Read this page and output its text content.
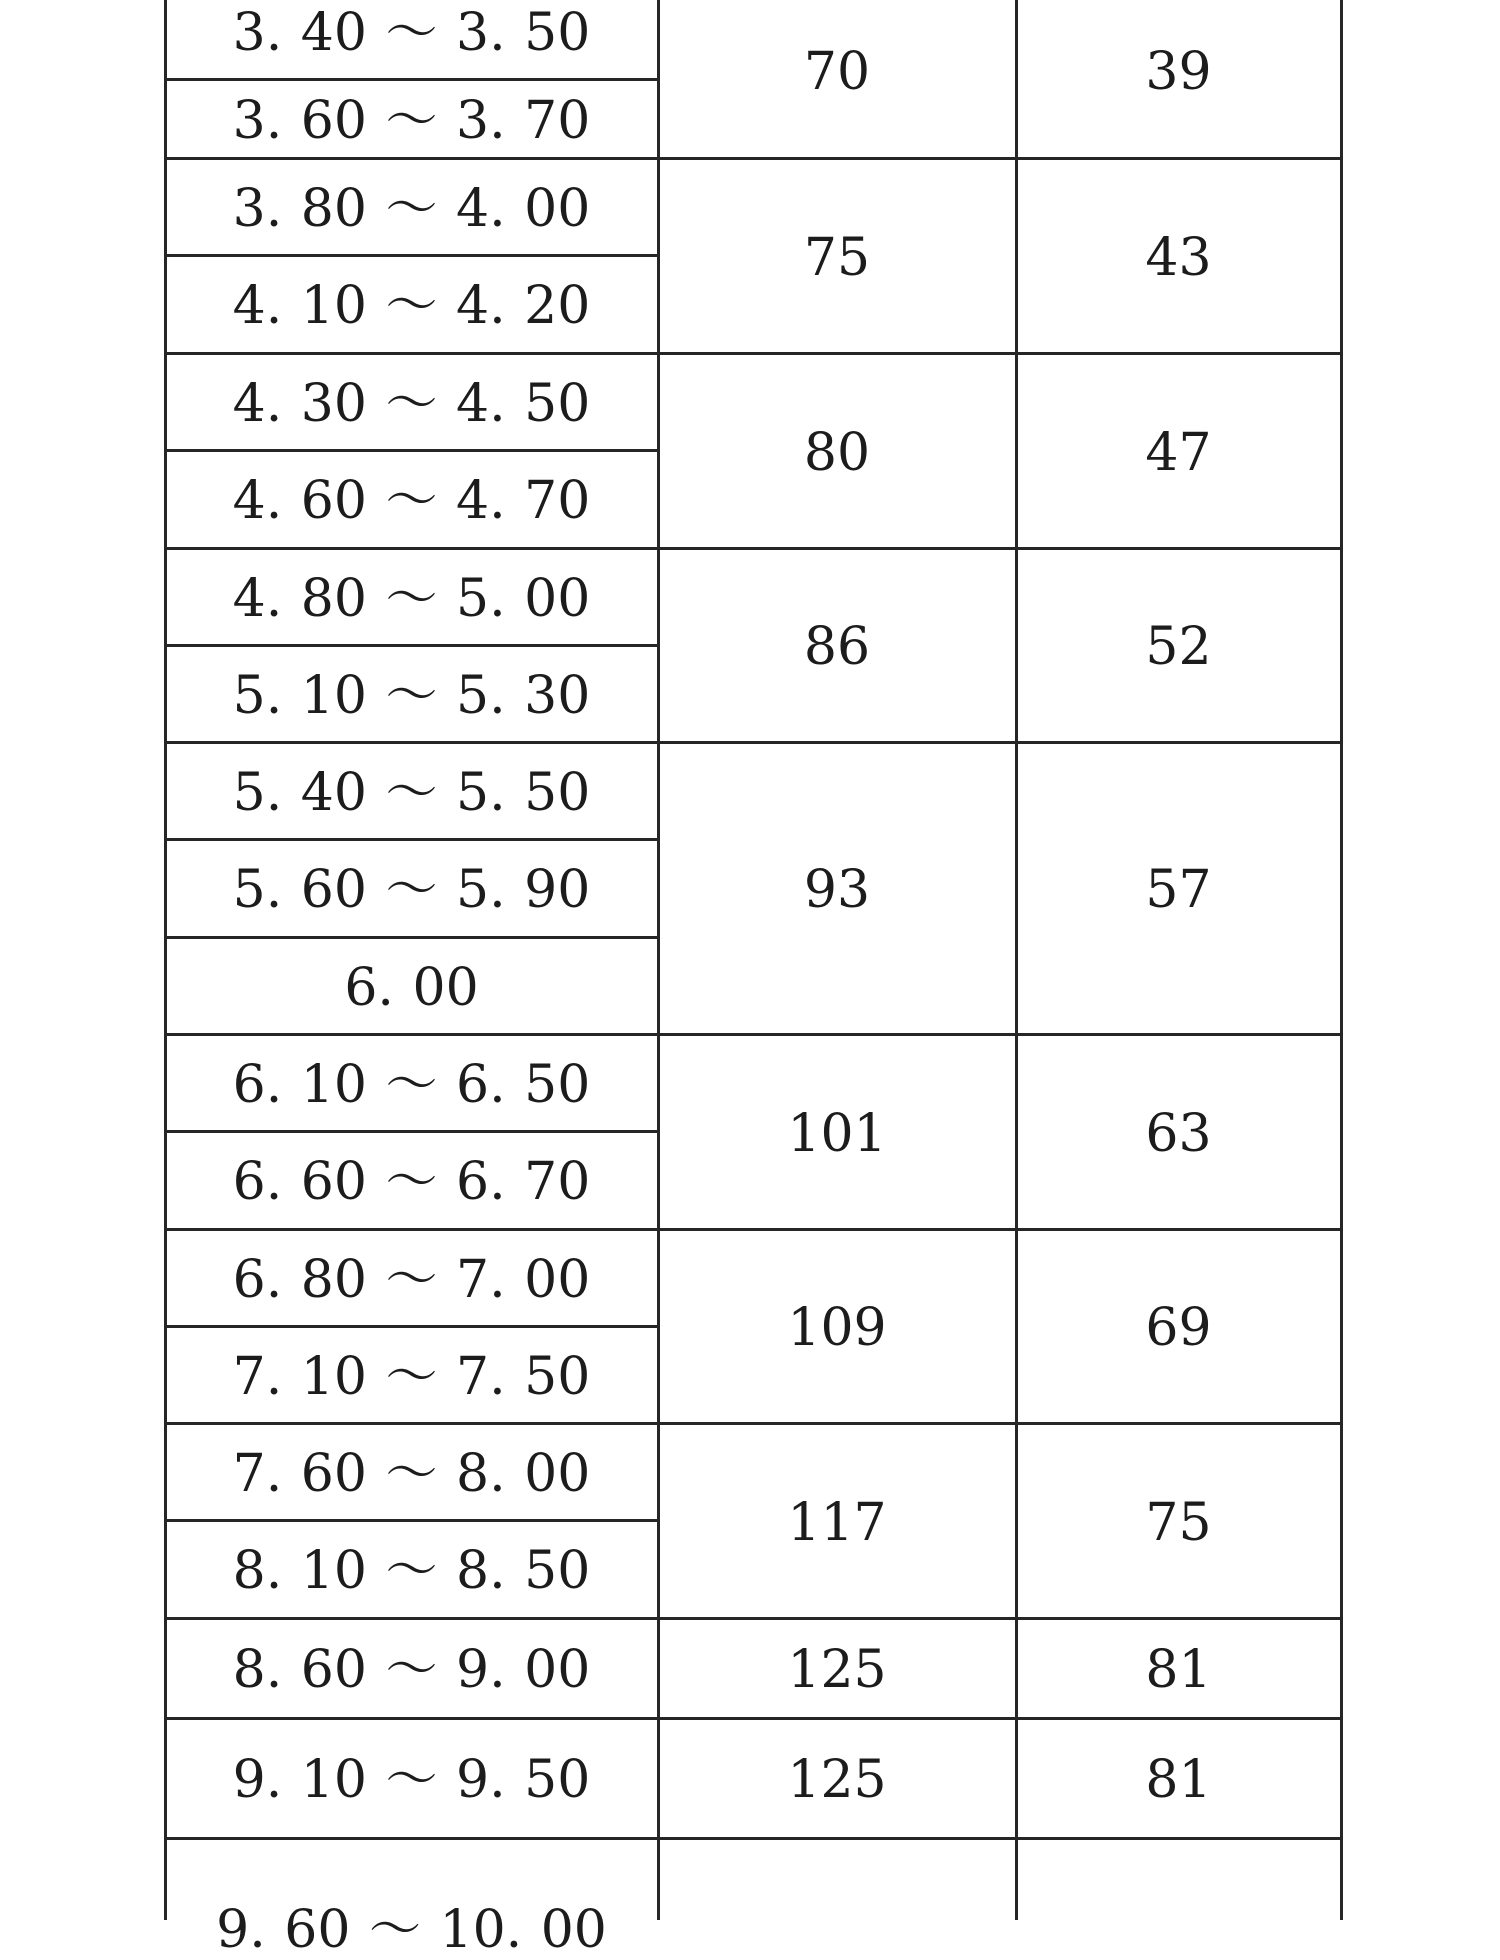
3. 40 ～ 3. 50
3. 60 ～ 3. 70
70	39
3. 80 ～ 4. 00
4. 10 ～ 4. 20
75	43
4. 30 ～ 4. 50
4. 60 ～ 4. 70
80	47
4. 80 ～ 5. 00
5. 10 ～ 5. 30
86	52
5. 40 ～ 5. 50
5. 60 ～ 5. 90
6. 00
93	57
6. 10 ～ 6. 50
6. 60 ～ 6. 70
101	63
6. 80 ～ 7. 00
7. 10 ～ 7. 50
109	69
7. 60 ～ 8. 00
8. 10 ～ 8. 50
117	75
8. 60 ～ 9. 00	125	81
9. 10 ～ 9. 50	125	81
9. 60 ～ 10. 00
